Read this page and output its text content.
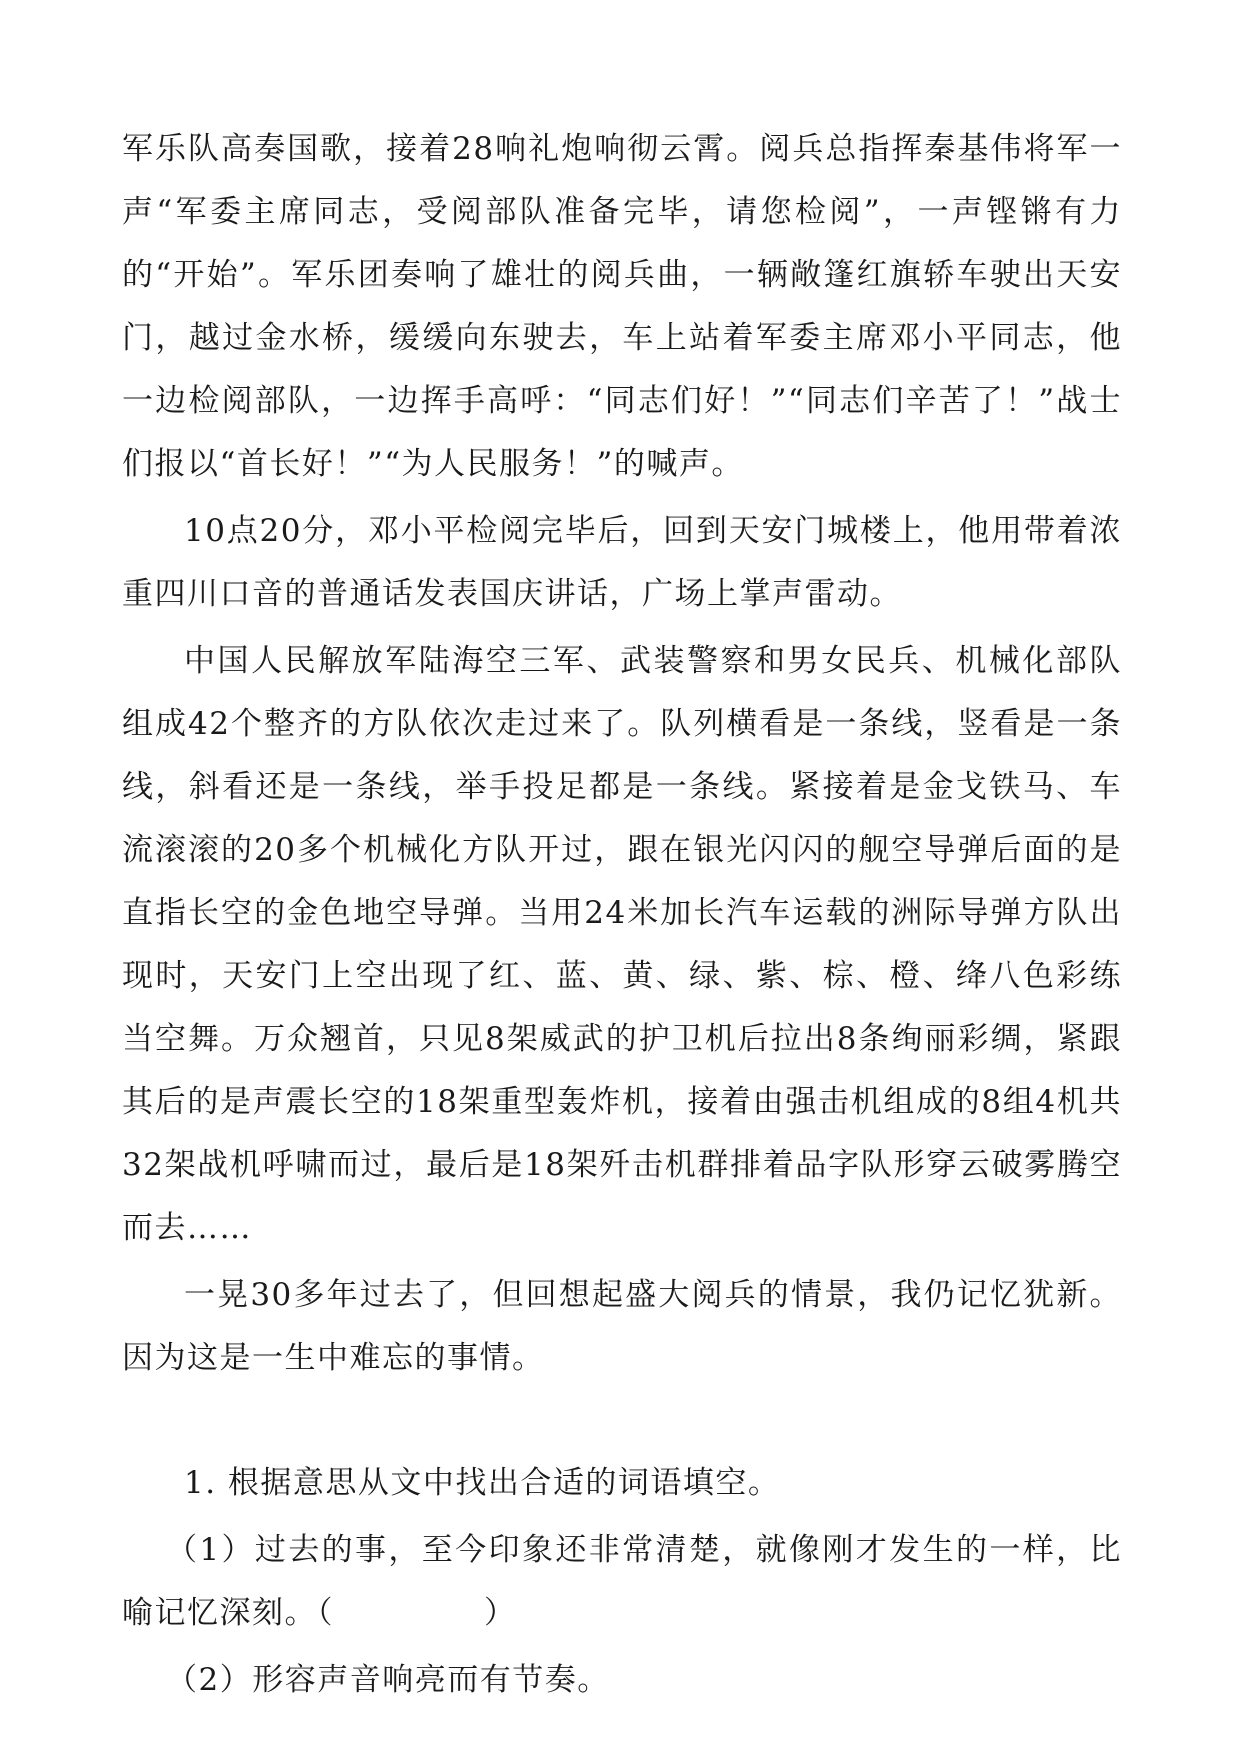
军乐队高奏国歌，接着28响礼炮响彻云霄。阅兵总指挥秦基伟将军一声“军委主席同志，受阅部队准备完毕，请您检阅”，一声铿锵有力的“开始”。军乐团奏响了雄壮的阅兵曲，一辆敞篷红旗轿车驶出天安门，越过金水桥，缓缓向东驶去，车上站着军委主席邓小平同志，他一边检阅部队，一边挥手高呼：“同志们好！”“同志们辛苦了！”战士们报以“首长好！”“为人民服务！”的喊声。

10点20分，邓小平检阅完毕后，回到天安门城楼上，他用带着浓重四川口音的普通话发表国庆讲话，广场上掌声雷动。

中国人民解放军陆海空三军、武装警察和男女民兵、机械化部队组成42个整齐的方队依次走过来了。队列横看是一条线，竖看是一条线，斜看还是一条线，举手投足都是一条线。紧接着是金戈铁马、车流滚滚的20多个机械化方队开过，跟在银光闪闪的舰空导弹后面的是直指长空的金色地空导弹。当用24米加长汽车运载的洲际导弹方队出现时，天安门上空出现了红、蓝、黄、绿、紫、棕、橙、绛八色彩练当空舞。万众翘首，只见8架威武的护卫机后拉出8条绚丽彩绸，紧跟其后的是声震长空的18架重型轰炸机，接着由强击机组成的8组4机共32架战机呼啸而过，最后是18架歼击机群排着品字队形穿云破雾腾空而去……

一晃30多年过去了，但回想起盛大阅兵的情景，我仍记忆犹新。因为这是一生中难忘的事情。

1. 根据意思从文中找出合适的词语填空。

（1）过去的事，至今印象还非常清楚，就像刚才发生的一样，比喻记忆深刻。（	）

（2）形容声音响亮而有节奏。
